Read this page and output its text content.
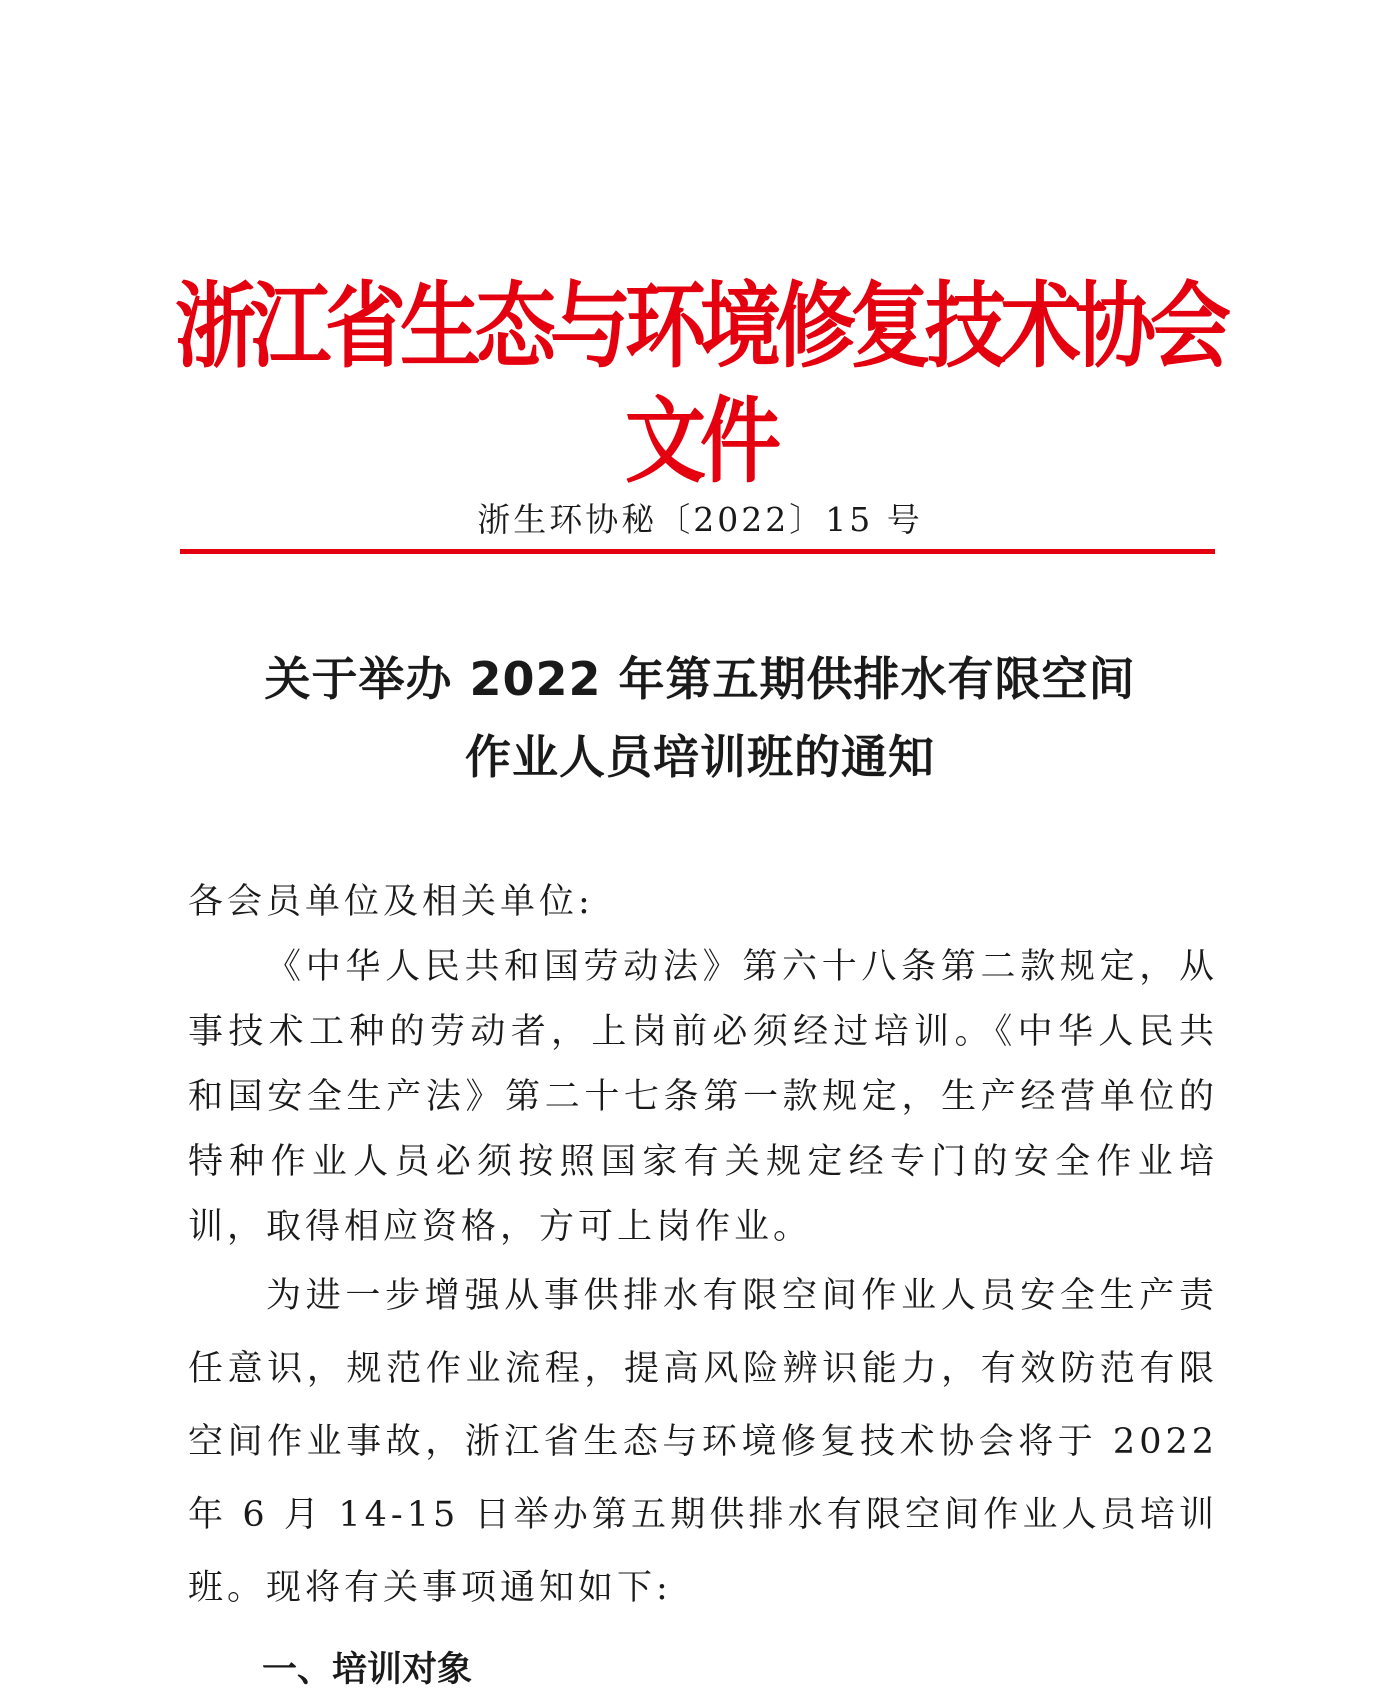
浙江省生态与环境修复技术协会文件
浙生环协秘〔2022〕15 号
关于举办 2022 年第五期供排水有限空间
作业人员培训班的通知

各会员单位及相关单位:

《中华人民共和国劳动法》第六十八条第二款规定，从事技术工种的劳动者，上岗前必须经过培训。《中华人民共和国安全生产法》第二十七条第一款规定，生产经营单位的特种作业人员必须按照国家有关规定经专门的安全作业培训，取得相应资格，方可上岗作业。

为进一步增强从事供排水有限空间作业人员安全生产责任意识，规范作业流程，提高风险辨识能力，有效防范有限空间作业事故，浙江省生态与环境修复技术协会将于 2022 年 6 月 14-15 日举办第五期供排水有限空间作业人员培训班。现将有关事项通知如下:

一、培训对象
